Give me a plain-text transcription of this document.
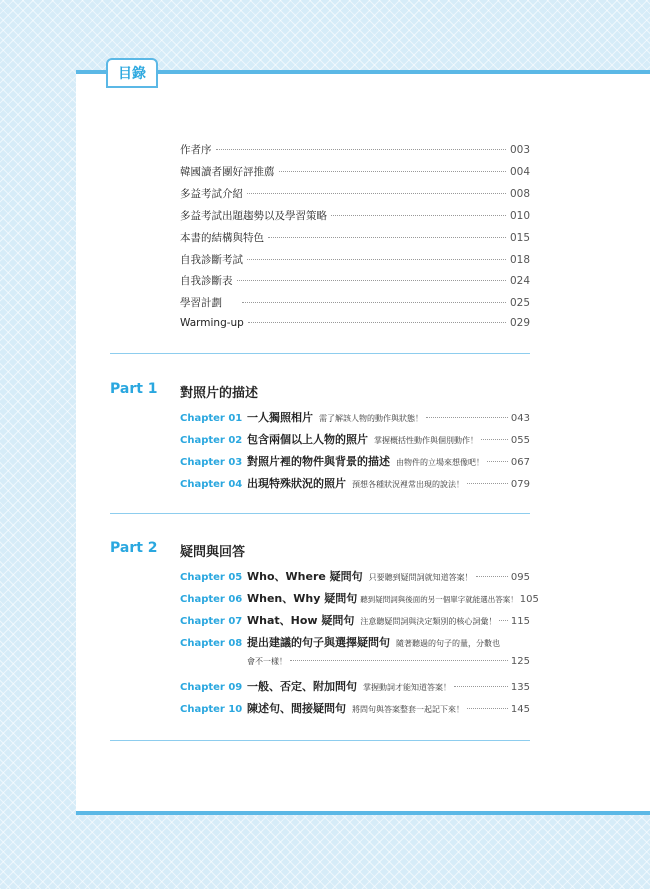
目錄
作者序	003
韓國讀者團好評推薦	004
多益考試介紹	008
多益考試出題趨勢以及學習策略	010
本書的結構與特色	015
自我診斷考試	018
自我診斷表	024
學習計劃	025
Warming-up	029
Part 1 對照片的描述
Chapter 01 一人獨照相片 需了解該人物的動作與狀態！	043
Chapter 02 包含兩個以上人物的照片 掌握概括性動作與個別動作！	055
Chapter 03 對照片裡的物件與背景的描述 由物件的立場來想像吧！	067
Chapter 04 出現特殊狀況的照片 預想各種狀況裡常出現的說法！	079
Part 2 疑問與回答
Chapter 05 Who、Where 疑問句 只要聽到疑問詞就知道答案！	095
Chapter 06 When、Why 疑問句 聽到疑問詞與後面的另一個單字就能選出答案！ 105
Chapter 07 What、How 疑問句 注意聽疑問詞與決定類別的核心詞彙！ 115
Chapter 08 提出建議的句子與選擇疑問句 隨著聽過的句子的量，分數也
會不一樣！	125
Chapter 09 一般、否定、附加問句 掌握動詞才能知道答案！	135
Chapter 10 陳述句、間接疑問句 將問句與答案整套一起記下來！	145
